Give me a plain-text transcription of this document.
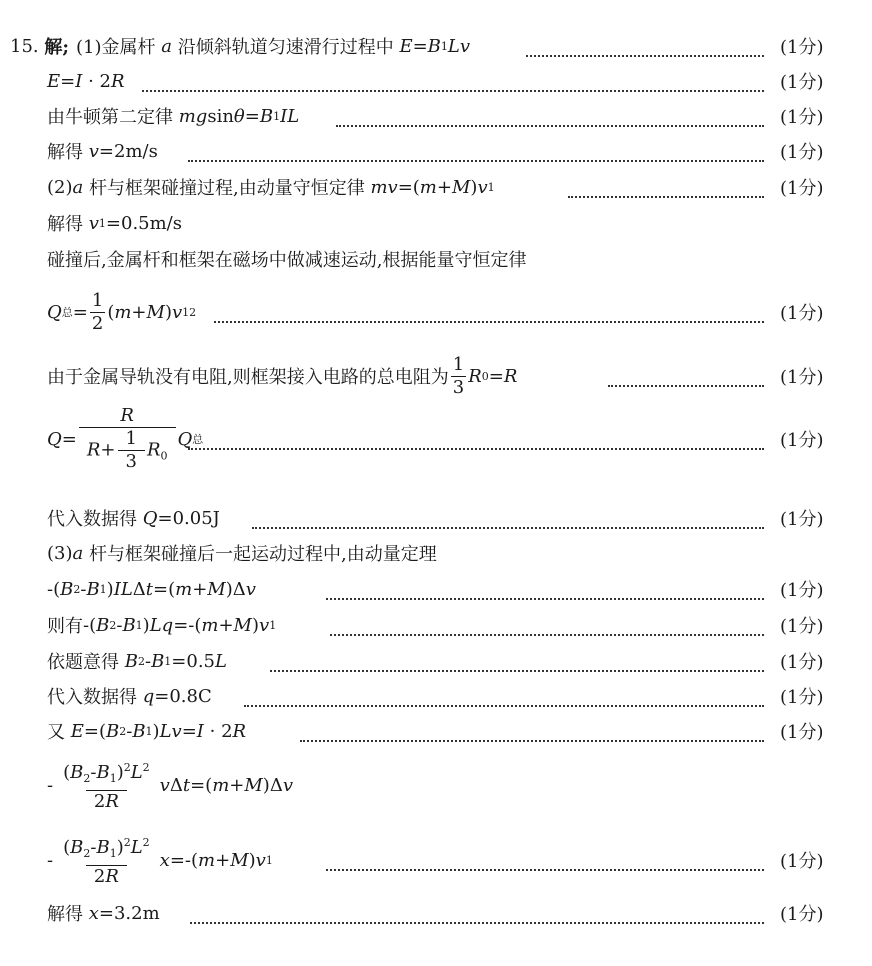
15.
解; (1)金属杆
a
沿倾斜轨道匀速滑行过程中
E = B 1 Lv	(1分)
E = I · 2 R	(1分)
由牛顿第二定律
mg sin θ = B 1 IL	(1分)
解得
v =2m/s	(1分)
(2) a
杆与框架碰撞过程,由动量守恒定律
mv =( m + M ) v 1	(1分)
解得
v 1 =0.5m/s
碰撞后,金属杆和框架在磁场中做减速运动,根据能量守恒定律
Q 总 = $\frac{1}{2}$ ( m + M ) v 1 2	(1分)
由于金属导轨没有电阻,则框架接入电路的总电阻为 $\frac{1}{3}$ R 0 = R	(1分)
$Q = \frac{R}{R+ \frac{1}{3} R_0}$ Q 总	(1分)
代入数据得
Q =0.05J	(1分)
(3) a
杆与框架碰撞后一起运动过程中,由动量定理
-( B 2 - B 1 ) IL Δ t =( m + M )Δ v	(1分)
则有 -( B 2 - B 1 ) Lq =-( m + M ) v 1	(1分)
依题意得
B 2 - B 1 =0.5 L	(1分)
代入数据得
q =0.8C	(1分)
又
E =( B 2 - B 1 ) Lv = I · 2 R	(1分)
- $\frac{(B_2-B_1)^2L^2}{2R}$ v Δ t =( m + M )Δ v
- $\frac{(B_2-B_1)^2L^2}{2R}$ x =-( m + M ) v 1	(1分)
解得
x =3.2m	(1分)
